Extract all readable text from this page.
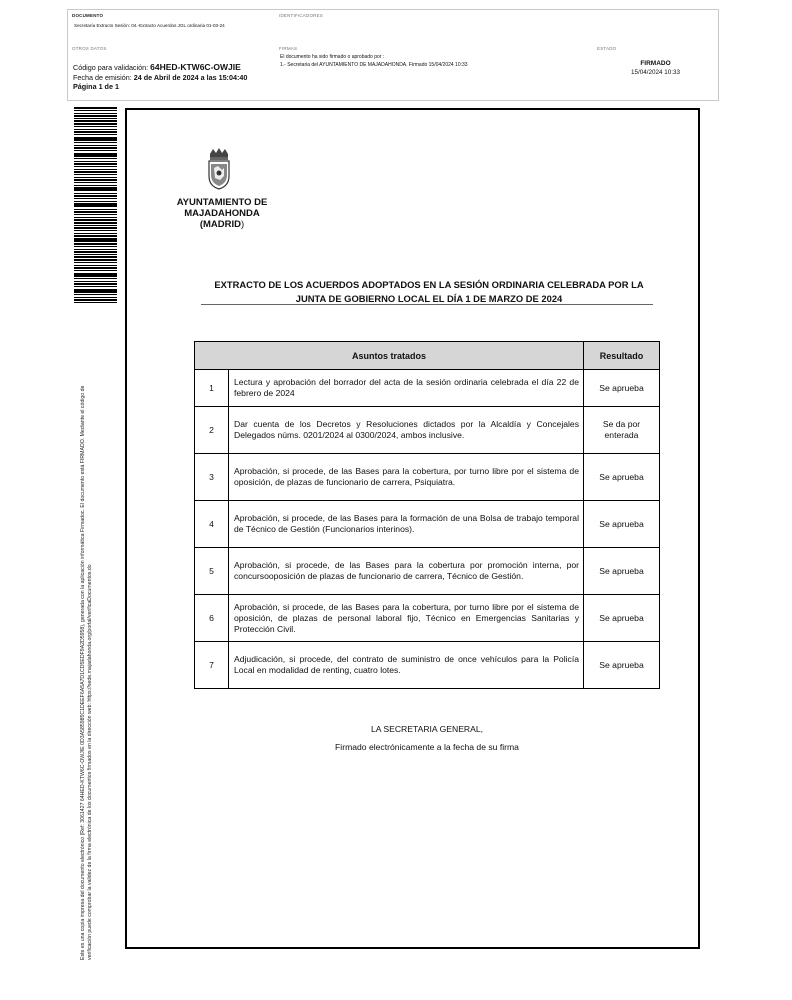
DOCUMENTO
Secretaría Extracto Sesión: 04.-Extracto Acuerdos JGL ordinaria 01-03-24
IDENTIFICADORES
OTROS DATOS
Código para validación: 64HED-KTW6C-OWJIE
Fecha de emisión: 24 de Abril de 2024 a las 15:04:40
Página 1 de 1
FIRMAS
El documento ha sido firmado o aprobado por :
1.- Secretaria del AYUNTAMIENTO DE MAJADAHONDA. Firmado 15/04/2024 10:33
ESTADO
FIRMADO
15/04/2024 10:33
Este es una copia impresa del documento electrónico (Ref: 3061427 64HED-KTW6C-OWJIE 0D3A585985C1DEEF6A5A7D1CD5EDF9A2D5958), generada con la aplicación informática Firmadoc. El documento está FIRMADO. Mediante el código de verificación puede comprobar la validez de la firma electrónica de los documentos firmados en la dirección web: https://sede.majadahonda.org/portal/verificaDocumentos.do
AYUNTAMIENTO DE
MAJADAHONDA
(MADRID)
EXTRACTO DE LOS ACUERDOS ADOPTADOS EN LA SESIÓN ORDINARIA CELEBRADA POR LA
JUNTA DE GOBIERNO LOCAL EL DÍA 1 DE MARZO DE 2024
Asuntos tratados		Resultado
1	Lectura y aprobación del borrador del acta de la sesión ordinaria celebrada el día 22 de febrero de 2024	Se aprueba
2	Dar cuenta de los Decretos y Resoluciones dictados por la Alcaldía y Concejales Delegados núms. 0201/2024 al 0300/2024, ambos inclusive.	Se da por enterada
3	Aprobación, si procede, de las Bases para la cobertura, por turno libre por el sistema de oposición, de plazas de funcionario de carrera, Psiquiatra.	Se aprueba
4	Aprobación, si procede, de las Bases para la formación de una Bolsa de trabajo temporal de Técnico de Gestión (Funcionarios interinos).	Se aprueba
5	Aprobación, si procede, de las Bases para la cobertura por promoción interna, por concursooposición de plazas de funcionario de carrera, Técnico de Gestión.	Se aprueba
6	Aprobación, si procede, de las Bases para la cobertura, por turno libre por el sistema de oposición, de plazas de personal laboral fijo, Técnico en Emergencias Sanitarias y Protección Civil.	Se aprueba
7	Adjudicación, si procede, del contrato de suministro de once vehículos para la Policía Local en modalidad de renting, cuatro lotes.	Se aprueba
LA SECRETARIA GENERAL,
Firmado electrónicamente a la fecha de su firma
